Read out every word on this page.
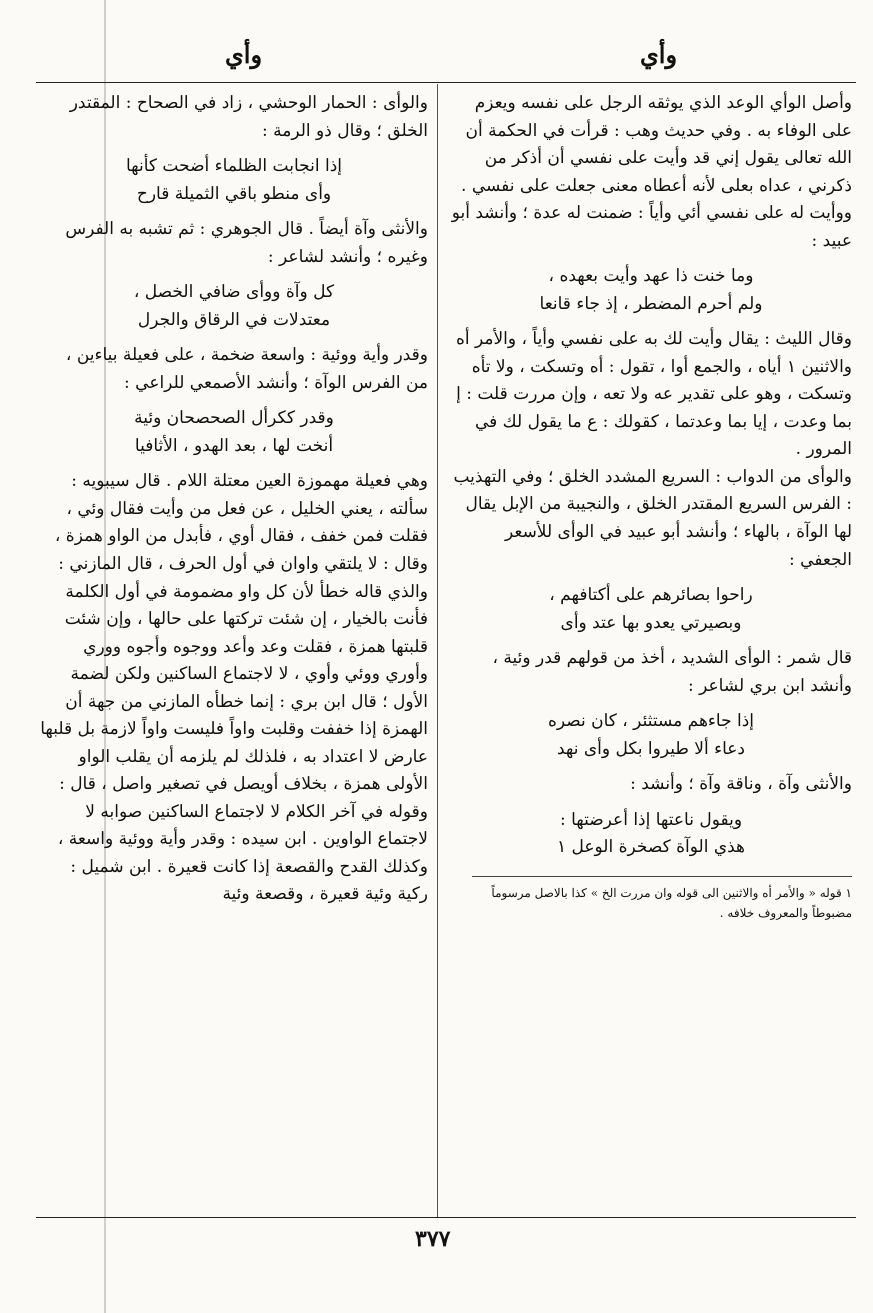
وأي	وأي

وأصل الوأي الوعد الذي يوثقه الرجل على نفسه ويعزم على الوفاء به . وفي حديث وهب : قرأت في الحكمة أن الله تعالى يقول إني قد وأيت على نفسي أن أذكر من ذكرني ، عداه بعلى لأنه أعطاه معنى جعلت على نفسي . ووأيت له على نفسي أئي وأياً : ضمنت له عدة ؛ وأنشد أبو عبيد :

وما خنت ذا عهد وأيت بعهده ،
ولم أحرم المضطر ، إذ جاء قانعا

وقال الليث : يقال وأيت لك به على نفسي وأياً ، والأمر أه والاثنين ١ أياه ، والجمع أوا ، تقول : أه وتسكت ، ولا تأه وتسكت ، وهو على تقدير عه ولا تعه ، وإن مررت قلت : إ بما وعدت ، إيا بما وعدتما ، كقولك : ع ما يقول لك في المرور .

والوأى من الدواب : السريع المشدد الخلق ؛ وفي التهذيب : الفرس السريع المقتدر الخلق ، والنجيبة من الإبل يقال لها الوآة ، بالهاء ؛ وأنشد أبو عبيد في الوأى للأسعر الجعفي :

راحوا بصائرهم على أكتافهم ،
وبصيرتي يعدو بها عتد وأى

قال شمر : الوأى الشديد ، أخذ من قولهم قدر وئية ، وأنشد ابن بري لشاعر :

إذا جاءهم مستثئر ، كان نصره
دعاء ألا طيروا بكل وأى نهد

والأنثى وآة ، وناقة وآة ؛ وأنشد :

ويقول ناعتها إذا أعرضتها :
هذي الوآة كصخرة الوعل ١

١ قوله « والأمر أه والاثنين الى قوله وان مررت الخ » كذا بالاصل مرسوماً مضبوطاً والمعروف خلافه .

والوأى : الحمار الوحشي ، زاد في الصحاح : المقتدر الخلق ؛ وقال ذو الرمة :

إذا انجابت الظلماء أضحت كأنها
وأى منطو باقي الثميلة قارح

والأنثى وآة أيضاً . قال الجوهري : ثم تشبه به الفرس وغيره ؛ وأنشد لشاعر :

كل وآة ووأى ضافي الخصل ،
معتدلات في الرقاق والجرل

وقدر وأية ووئية : واسعة ضخمة ، على فعيلة بياءين ، من الفرس الوآة ؛ وأنشد الأصمعي للراعي :

وقدر ككرأل الصحصحان وئية
أنخت لها ، بعد الهدو ، الأثافيا

وهي فعيلة مهموزة العين معتلة اللام . قال سيبويه : سألته ، يعني الخليل ، عن فعل من وأيت فقال وئي ، فقلت فمن خفف ، فقال أوي ، فأبدل من الواو همزة ، وقال : لا يلتقي واوان في أول الحرف ، قال المازني : والذي قاله خطأ لأن كل واو مضمومة في أول الكلمة فأنت بالخيار ، إن شئت تركتها على حالها ، وإن شئت قلبتها همزة ، فقلت وعد وأعد ووجوه وأجوه ووري وأوري ووئي وأوي ، لا لاجتماع الساكنين ولكن لضمة الأول ؛ قال ابن بري : إنما خطأه المازني من جهة أن الهمزة إذا خففت وقلبت واواً فليست واواً لازمة بل قلبها عارض لا اعتداد به ، فلذلك لم يلزمه أن يقلب الواو الأولى همزة ، بخلاف أويصل في تصغير واصل ، قال : وقوله في آخر الكلام لا لاجتماع الساكنين صوابه لا لاجتماع الواوين . ابن سيده : وقدر وأية ووئية واسعة ، وكذلك القدح والقصعة إذا كانت قعيرة . ابن شميل : ركية وئية قعيرة ، وقصعة وئية

٣٧٧
